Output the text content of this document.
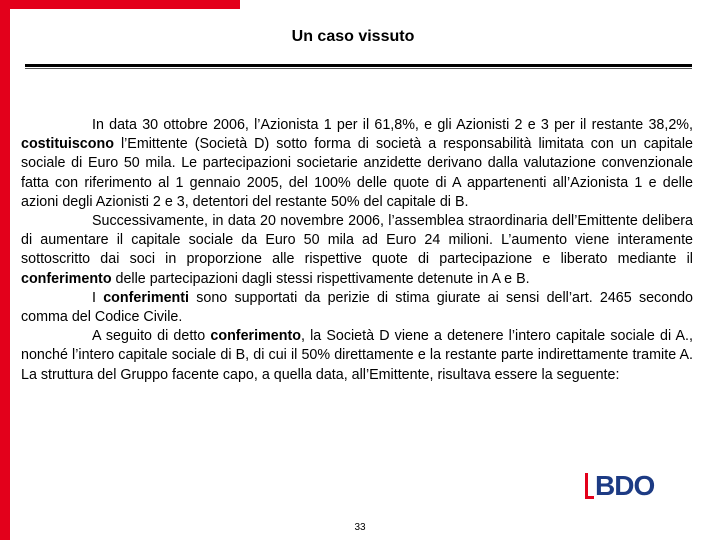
Un caso vissuto

In data 30 ottobre 2006, l’Azionista 1 per il 61,8%, e gli Azionisti 2 e 3 per il restante 38,2%, costituiscono l’Emittente (Società D) sotto forma di società a responsabilità limitata con un capitale sociale di Euro 50 mila. Le partecipazioni societarie anzidette derivano dalla valutazione convenzionale fatta con riferimento al 1 gennaio 2005, del 100% delle quote di A appartenenti all’Azionista 1 e delle azioni degli Azionisti 2 e 3, detentori del restante 50% del capitale di B.

Successivamente, in data 20 novembre 2006, l’assemblea straordinaria dell’Emittente delibera di aumentare il capitale sociale da Euro 50 mila ad Euro 24 milioni. L’aumento viene interamente sottoscritto dai soci in proporzione alle rispettive quote di partecipazione e liberato mediante il conferimento delle partecipazioni dagli stessi rispettivamente detenute in A e B.

I conferimenti sono supportati da perizie di stima giurate ai sensi dell’art. 2465 secondo comma del Codice Civile.

A seguito di detto conferimento, la Società D viene a detenere l’intero capitale sociale di A., nonché l’intero capitale sociale di B, di cui il 50% direttamente e la restante parte indirettamente tramite A. La struttura del Gruppo facente capo, a quella data, all’Emittente, risultava essere la seguente:

BDO
33
